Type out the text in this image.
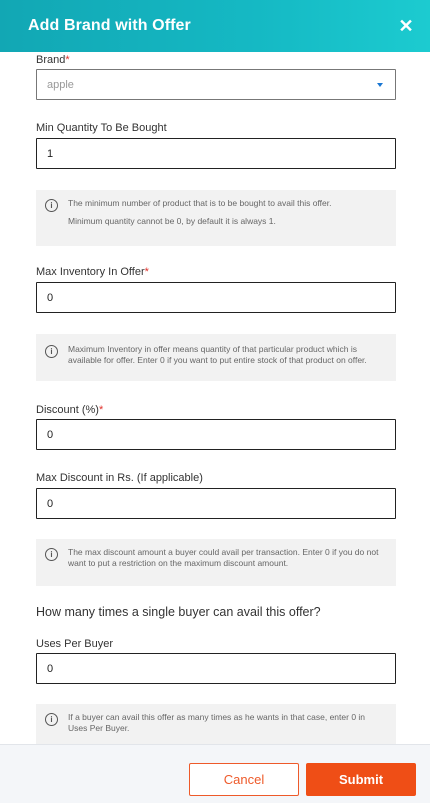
Add Brand with Offer	✕
Brand*
apple
Min Quantity To Be Bought
1
i	The minimum number of product that is to be bought to avail this offer.

Minimum quantity cannot be 0, by default it is always 1.

Max Inventory In Offer*
0
i	Maximum Inventory in offer means quantity of that particular product which is available for offer. Enter 0 if you want to put entire stock of that product on offer.

Discount (%)*
0
Max Discount in Rs. (If applicable)
0
i	The max discount amount a buyer could avail per transaction. Enter 0 if you do not want to put a restriction on the maximum discount amount.

How many times a single buyer can avail this offer?
Uses Per Buyer
0
i	If a buyer can avail this offer as many times as he wants in that case, enter 0 in Uses Per Buyer.

Cancel	Submit
